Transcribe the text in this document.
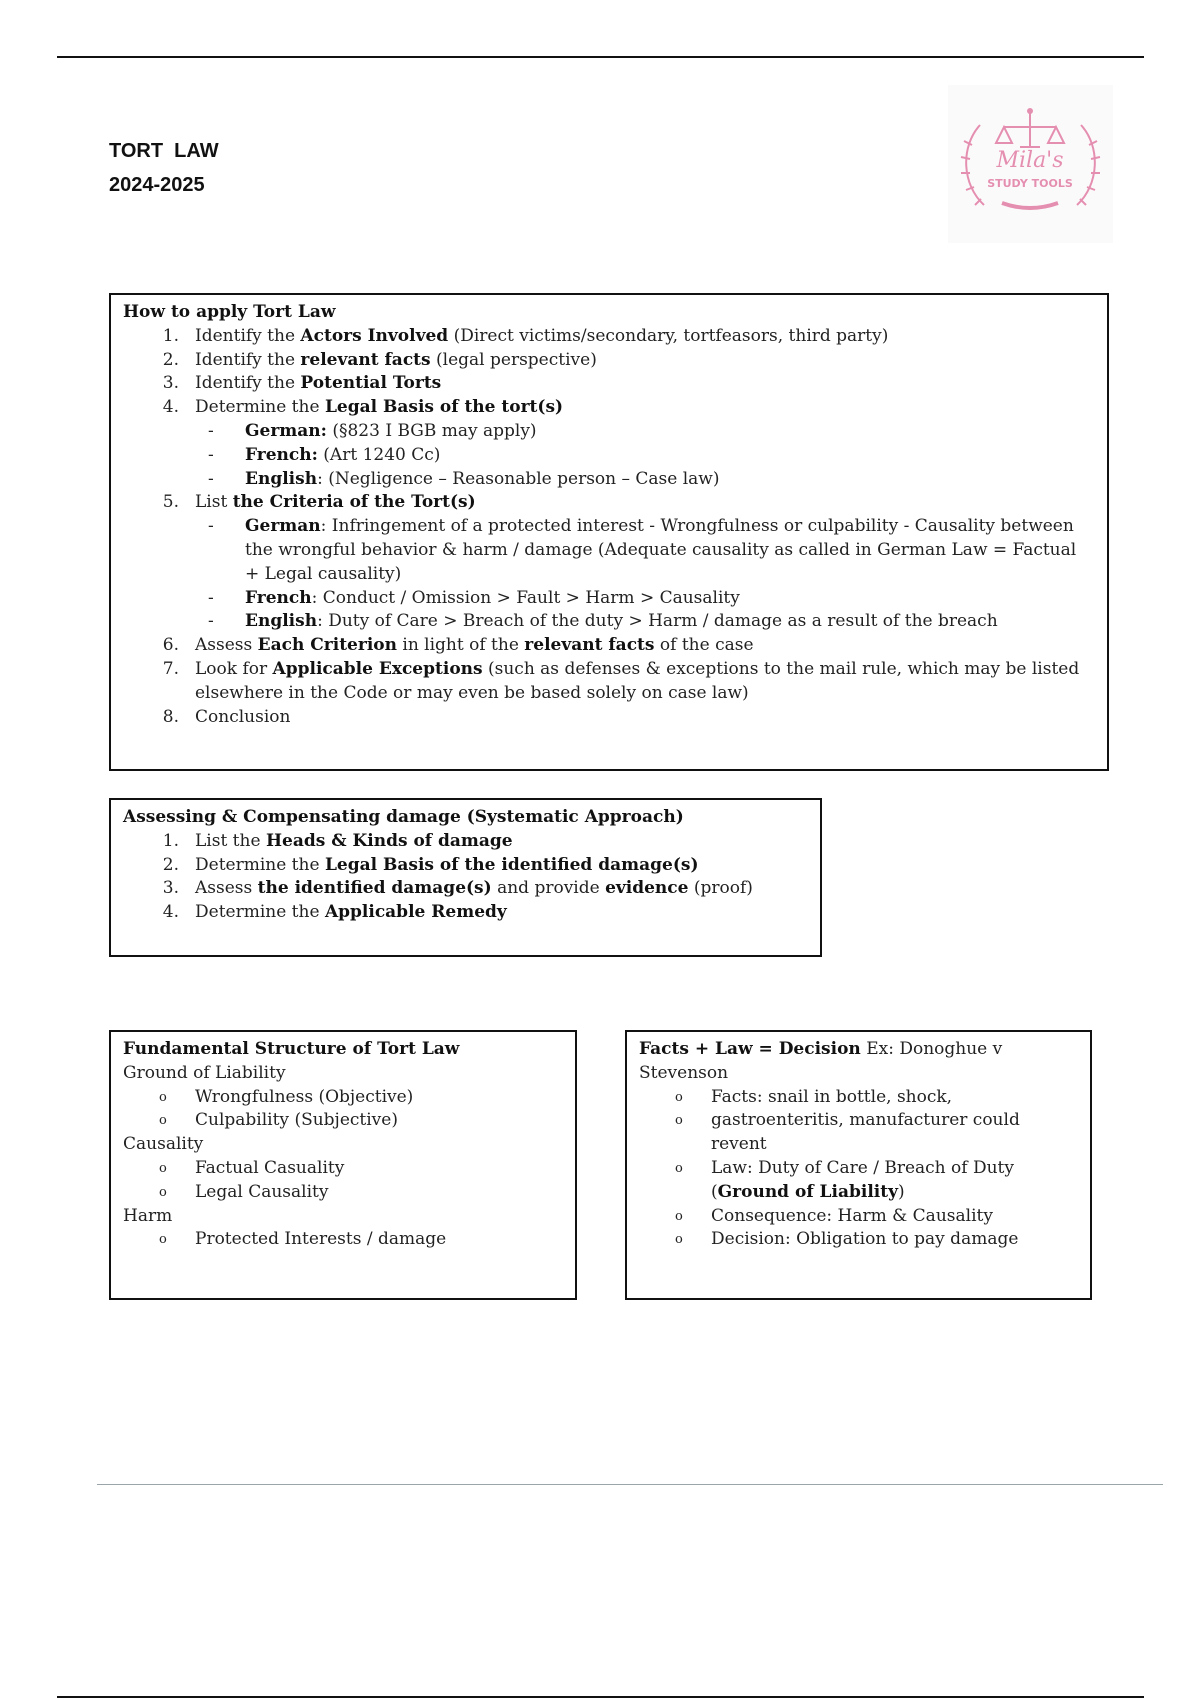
TORT  LAW
2024-2025
Mila's
STUDY TOOLS
How to apply Tort Law
1. Identify the Actors Involved (Direct victims/secondary, tortfeasors, third party)
2. Identify the relevant facts (legal perspective)
3. Identify the Potential Torts
4. Determine the Legal Basis of the tort(s)
-	German: (§823 I BGB may apply)
-	French: (Art 1240 Cc)
-	English: (Negligence – Reasonable person – Case law)
5. List the Criteria of the Tort(s)
-	German: Infringement of a protected interest - Wrongfulness or culpability - Causality between the wrongful behavior & harm / damage (Adequate causality as called in German Law = Factual + Legal causality)
-	French: Conduct / Omission > Fault > Harm > Causality
-	English: Duty of Care > Breach of the duty > Harm / damage as a result of the breach
6. Assess Each Criterion in light of the relevant facts of the case
7. Look for Applicable Exceptions (such as defenses & exceptions to the mail rule, which may be listed elsewhere in the Code or may even be based solely on case law)
8. Conclusion
Assessing & Compensating damage (Systematic Approach)
1. List the Heads & Kinds of damage
2. Determine the Legal Basis of the identified damage(s)
3. Assess the identified damage(s) and provide evidence (proof)
4. Determine the Applicable Remedy
Fundamental Structure of Tort Law
Ground of Liability
o	Wrongfulness (Objective)
o	Culpability (Subjective)
Causality
o	Factual Casuality
o	Legal Causality
Harm
o	Protected Interests / damage
Facts + Law = Decision Ex: Donoghue v Stevenson
o	Facts: snail in bottle, shock,
o	gastroenteritis, manufacturer could revent
o	Law: Duty of Care / Breach of Duty (Ground of Liability)
o	Consequence: Harm & Causality
o	Decision: Obligation to pay damage
